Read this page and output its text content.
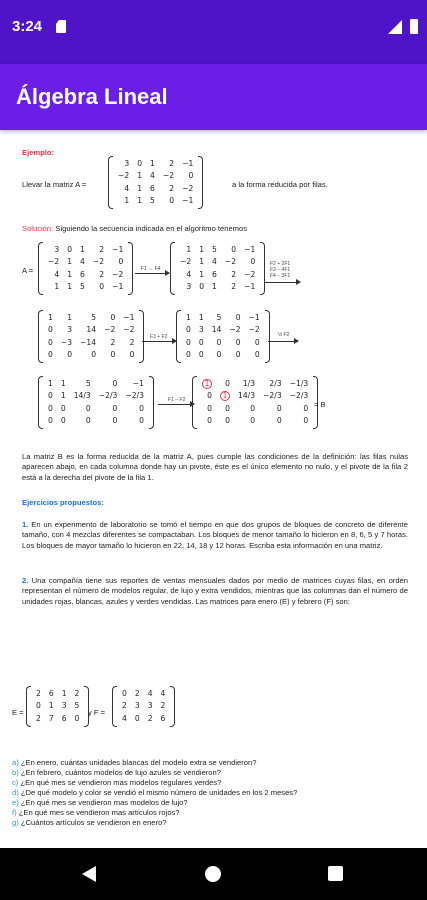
3:24
Álgebra Lineal
Ejemplo:
Llevar la matriz A =
3	0	1	2	−1
−2	1	4	−2	0
4	1	6	2	−2
1	1	5	0	−1
a la forma reducida por filas.
Solución: Siguiendo la secuencia indicada en el algoritmo tenemos
A =
3	0	1	2	−1
−2	1	4	−2	0
4	1	6	2	−2
1	1	5	0	−1
F1 ↔ F4
1	1	5	0	−1
−2	1	4	−2	0
4	1	6	2	−2
3	0	1	2	−1
F2 + 2F1
F3 − 4F1
F4 − 3F1
1	1	5	0	−1
0	3	14	−2	−2
0	−3	−14	2	2
0	0	0	0	0
F3 + F2
1	1	5	0	−1
0	3	14	−2	−2
0	0	0	0	0
0	0	0	0	0
⅓ F2
1	1	5	0	−1
0	1	14/3	−2/3	−2/3
0	0	0	0	0
0	0	0	0	0
F1 − F2
1	0	1/3	2/3	−1/3
0	1	14/3	−2/3	−2/3
0	0	0	0	0
0	0	0	0	0
= B
La matriz B es la forma reducida de la matriz A, pues cumple las condiciones de la definición: las filas nulas aparecen abajo, en cada columna donde hay un pivote, éste es el único elemento no nulo, y el pivote de la fila 2 está a la derecha del pivote de la fila 1.
Ejercicios propuestos:
1. En un experimento de laboratorio se tomó el tiempo en que dos grupos de bloques de concreto de diferente tamaño, con 4 mezclas diferentes se compactaban. Los bloques de menor tamaño lo hicieron en 8, 6, 5 y 7 horas. Los bloques de mayor tamaño lo hicieron en 22, 14, 18 y 12 horas. Escriba esta información en una matriz.
2. Una compañía tiene sus reportes de ventas mensuales dados por medio de matrices cuyas filas, en orden representan el número de modelos regular, de lujo y extra vendidos, mientras que las columnas dan el número de unidades rojas, blancas, azules y verdes vendidas. Las matrices para enero (E) y febrero (F) son:
E =
2	6	1	2
0	1	3	5
2	7	6	0
y F =
0	2	4	4
2	3	3	2
4	0	2	6
a) ¿En enero, cuántas unidades blancas del modelo extra se vendieron?
b) ¿En febrero, cuántos modelos de lujo azules se vendieron?
c) ¿En qué mes se vendieron mas modelos regulares verdes?
d) ¿De qué modelo y color se vendió el mismo número de unidades en los 2 meses?
e) ¿En qué mes se vendieron mas modelos de lujo?
f) ¿En qué mes se vendieron mas artículos rojos?
g) ¿Cuántos artículos se vendieron en enero?
